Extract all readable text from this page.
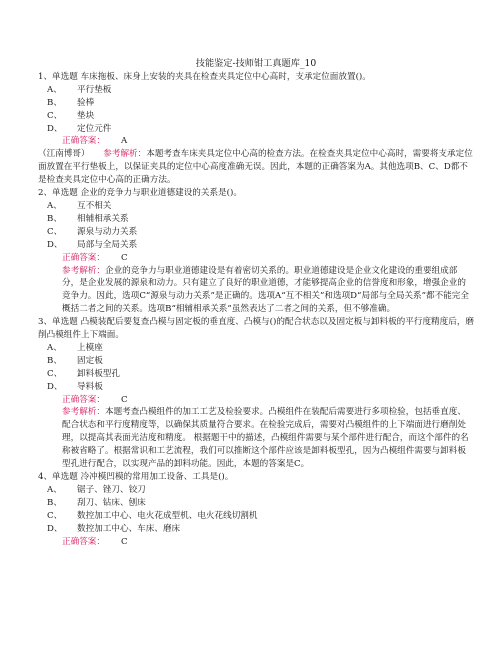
技能鉴定-技师钳工真题库_10

1、单选题 车床拖板、床身上安装的夹具在检查夹具定位中心高时，支承定位面放置()。

A、 平行垫板
B、 验棒
C、 垫块
D、 定位元件
正确答案： A

（江南博哥） 参考解析：本题考查车床夹具定位中心高的检查方法。在检查夹具定位中心高时，需要将支承定位面放置在平行垫板上，以保证夹具的定位中心高度准确无误。因此，本题的正确答案为A。其他选项B、C、D都不是检查夹具定位中心高的正确方法。

2、单选题 企业的竞争力与职业道德建设的关系是()。

A、 互不相关
B、 相辅相承关系
C、 源泉与动力关系
D、 局部与全局关系
正确答案： C

参考解析：企业的竞争力与职业道德建设是有着密切关系的。职业道德建设是企业文化建设的重要组成部分，是企业发展的源泉和动力。只有建立了良好的职业道德，才能够提高企业的信誉度和形象，增强企业的竞争力。因此，选项C“源泉与动力关系”是正确的。选项A“互不相关”和选项D“局部与全局关系”都不能完全概括二者之间的关系。选项B“相辅相承关系”虽然表达了二者之间的关系，但不够准确。

3、单选题 凸模装配后要复查凸模与固定板的垂直度、凸模与()的配合状态以及固定板与卸料板的平行度精度后，磨削凸模组件上下端面。

A、 上模座
B、 固定板
C、 卸料板型孔
D、 导料板
正确答案： C

参考解析：本题考查凸模组件的加工工艺及检验要求。凸模组件在装配后需要进行多项检验，包括垂直度、配合状态和平行度精度等，以确保其质量符合要求。在检验完成后，需要对凸模组件的上下端面进行磨削处理，以提高其表面光洁度和精度。 根据题干中的描述，凸模组件需要与某个部件进行配合，而这个部件的名称被省略了。根据常识和工艺流程，我们可以推断这个部件应该是卸料板型孔，因为凸模组件需要与卸料板型孔进行配合，以实现产品的卸料功能。因此，本题的答案是C。

4、单选题 冷冲模凹模的常用加工设备、工具是()。

A、 锯子、锉刀、铰刀
B、 刮刀、钻床、刨床
C、 数控加工中心、电火花成型机、电火花线切割机
D、 数控加工中心、车床、磨床
正确答案： C
